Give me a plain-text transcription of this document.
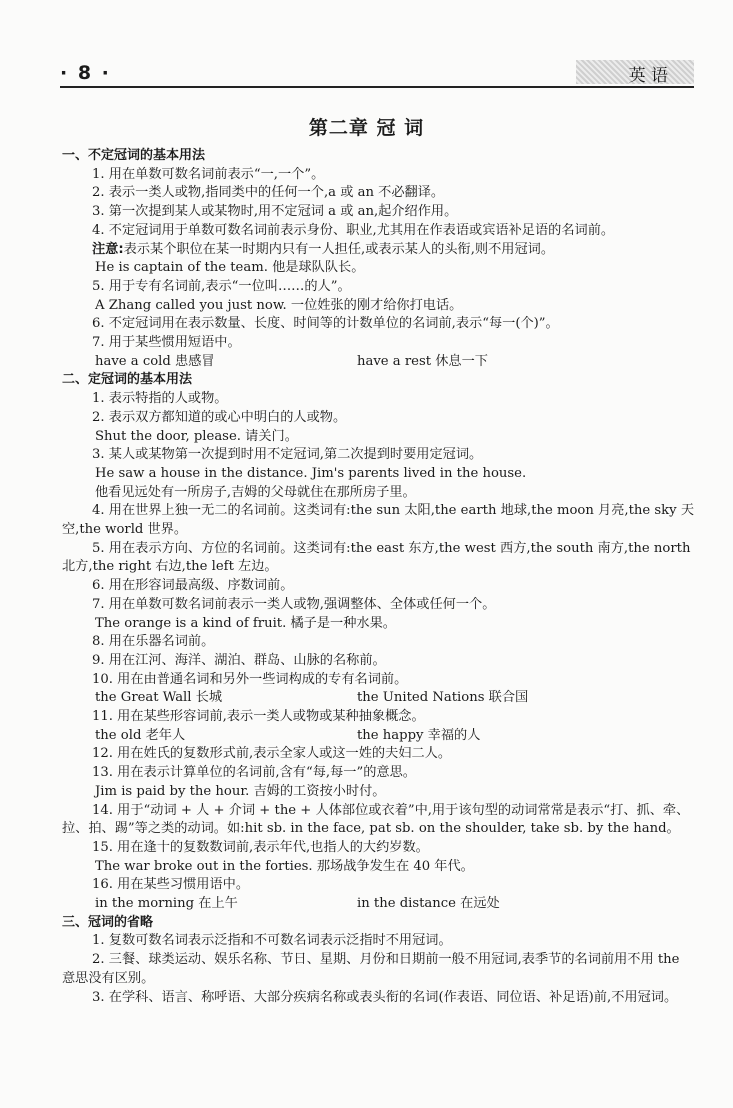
· 8 ·	英 语
第二章 冠 词

一、不定冠词的基本用法

1. 用在单数可数名词前表示“一,一个”。

2. 表示一类人或物,指同类中的任何一个,a 或 an 不必翻译。

3. 第一次提到某人或某物时,用不定冠词 a 或 an,起介绍作用。

4. 不定冠词用于单数可数名词前表示身份、职业,尤其用在作表语或宾语补足语的名词前。

注意:表示某个职位在某一时期内只有一人担任,或表示某人的头衔,则不用冠词。

He is captain of the team. 他是球队队长。

5. 用于专有名词前,表示“一位叫……的人”。

A Zhang called you just now. 一位姓张的刚才给你打电话。

6. 不定冠词用在表示数量、长度、时间等的计数单位的名词前,表示“每一(个)”。

7. 用于某些惯用短语中。

have a cold 患感冒	have a rest 休息一下

二、定冠词的基本用法

1. 表示特指的人或物。

2. 表示双方都知道的或心中明白的人或物。

Shut the door, please. 请关门。

3. 某人或某物第一次提到时用不定冠词,第二次提到时要用定冠词。

He saw a house in the distance. Jim's parents lived in the house.

他看见远处有一所房子,吉姆的父母就住在那所房子里。

4. 用在世界上独一无二的名词前。这类词有:the sun 太阳,the earth 地球,the moon 月亮,the sky 天空,the world 世界。

5. 用在表示方向、方位的名词前。这类词有:the east 东方,the west 西方,the south 南方,the north 北方,the right 右边,the left 左边。

6. 用在形容词最高级、序数词前。

7. 用在单数可数名词前表示一类人或物,强调整体、全体或任何一个。

The orange is a kind of fruit. 橘子是一种水果。

8. 用在乐器名词前。

9. 用在江河、海洋、湖泊、群岛、山脉的名称前。

10. 用在由普通名词和另外一些词构成的专有名词前。

the Great Wall 长城	the United Nations 联合国

11. 用在某些形容词前,表示一类人或物或某种抽象概念。

the old 老年人	the happy 幸福的人

12. 用在姓氏的复数形式前,表示全家人或这一姓的夫妇二人。

13. 用在表示计算单位的名词前,含有“每,每一”的意思。

Jim is paid by the hour. 吉姆的工资按小时付。

14. 用于“动词 + 人 + 介词 + the + 人体部位或衣着”中,用于该句型的动词常常是表示“打、抓、牵、拉、拍、踢”等之类的动词。如:hit sb. in the face, pat sb. on the shoulder, take sb. by the hand。

15. 用在逢十的复数数词前,表示年代,也指人的大约岁数。

The war broke out in the forties. 那场战争发生在 40 年代。

16. 用在某些习惯用语中。

in the morning 在上午	in the distance 在远处

三、冠词的省略

1. 复数可数名词表示泛指和不可数名词表示泛指时不用冠词。

2. 三餐、球类运动、娱乐名称、节日、星期、月份和日期前一般不用冠词,表季节的名词前用不用 the 意思没有区别。

3. 在学科、语言、称呼语、大部分疾病名称或表头衔的名词(作表语、同位语、补足语)前,不用冠词。
